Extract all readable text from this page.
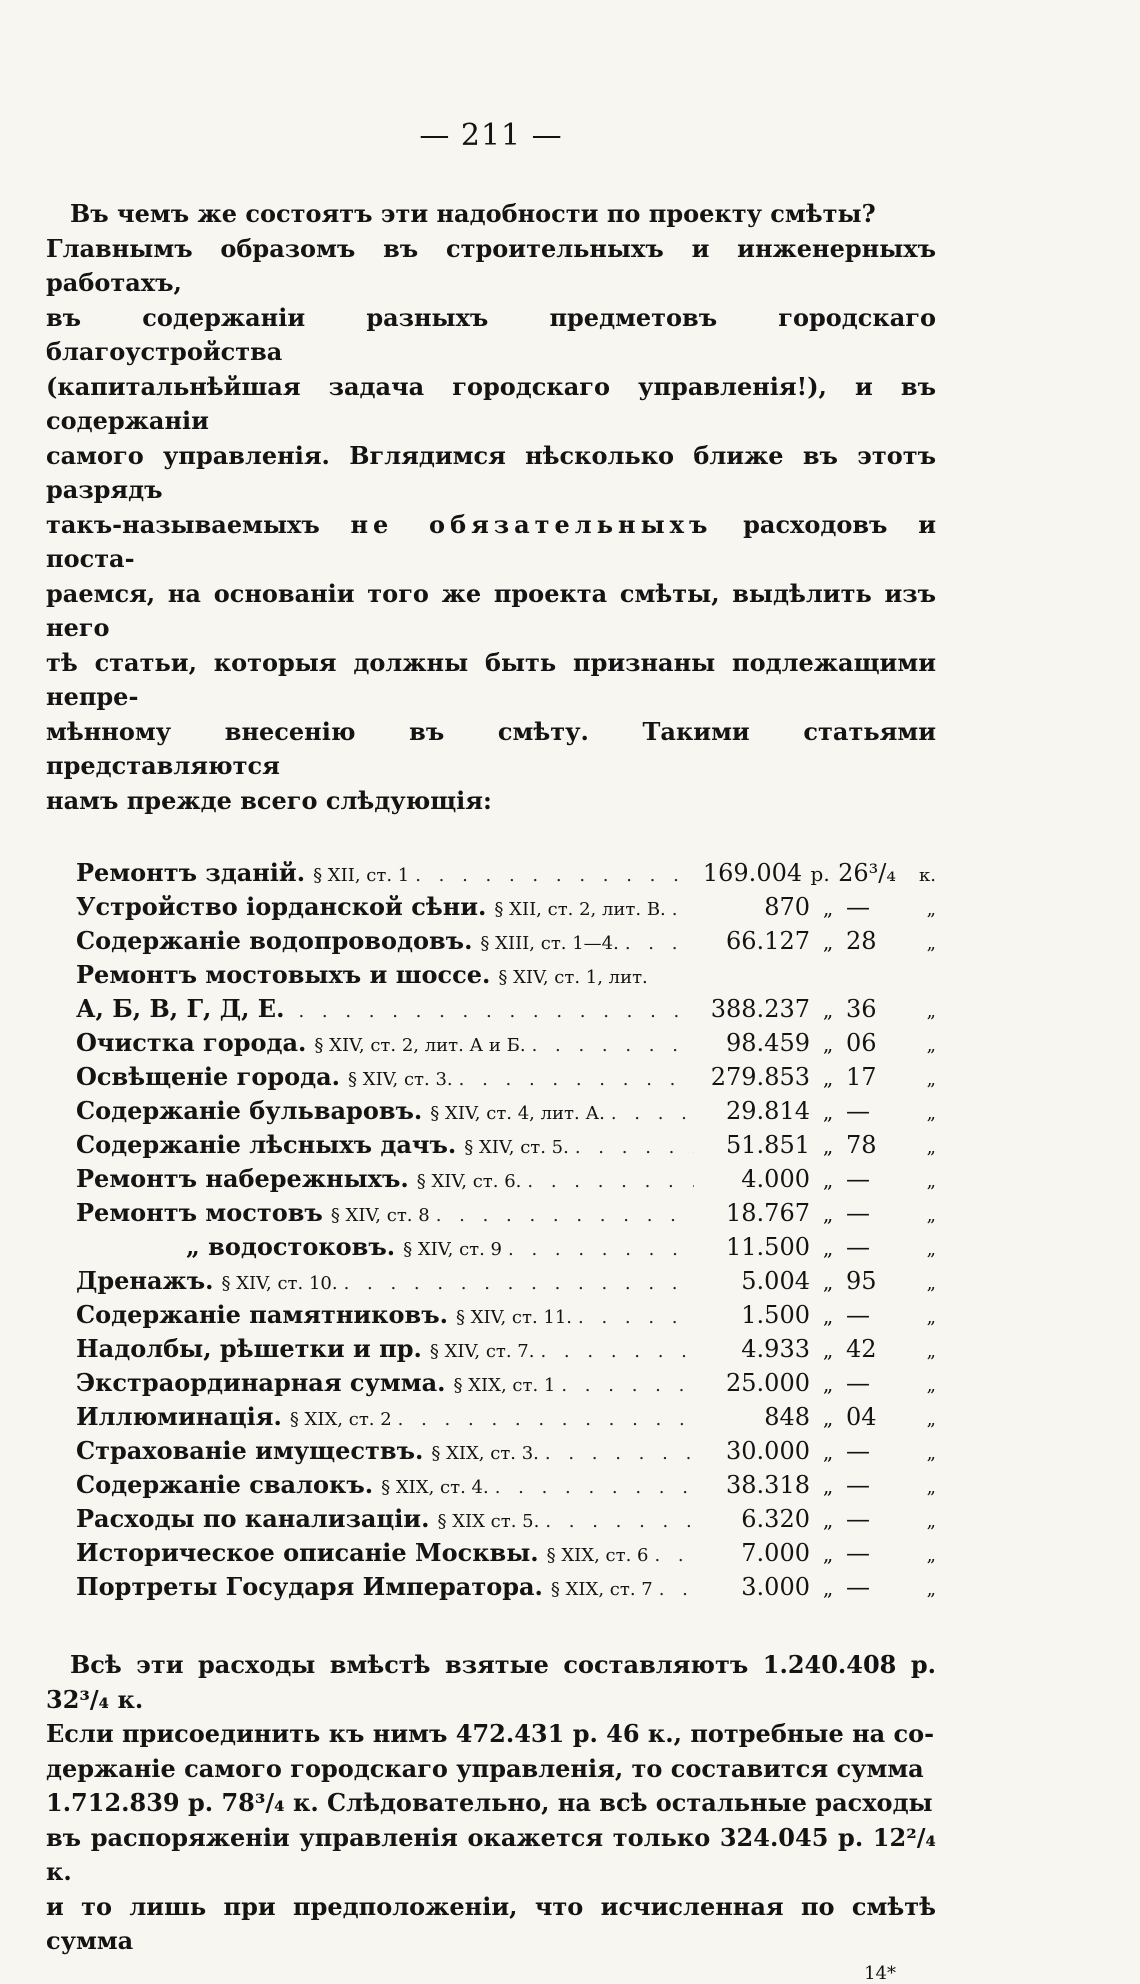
— 211 —
Въ чемъ же состоятъ эти надобности по проекту смѣты?
Главнымъ образомъ въ строительныхъ и инженерныхъ работахъ,
въ содержаніи разныхъ предметовъ городскаго благоустройства
(капитальнѣйшая задача городскаго управленія!), и въ содержаніи
самого управленія. Вглядимся нѣсколько ближе въ этотъ разрядъ
такъ-называемыхъ не обязательныхъ расходовъ и поста-
раемся, на основаніи того же проекта смѣты, выдѣлить изъ него
тѣ статьи, которыя должны быть признаны подлежащими непре-
мѣнному внесенію въ смѣту. Такими статьями представляются
намъ прежде всего слѣдующія:
Ремонтъ зданій. § XII, ст. 1 . . .	169.004 р. 26³/₄	к.
Устройство іорданской сѣни. § XII, ст. 2, лит. В. . . .	870 „ —	„
Содержаніе водопроводовъ. § XIII, ст. 1—4. . . .	66.127 „ 28	„
Ремонтъ мостовыхъ и шоссе. § XIV, ст. 1, лит.
А, Б, В, Г, Д, Е. . . .	388.237 „ 36	„
Очистка города. § XIV, ст. 2, лит. А и Б. . . .	98.459 „ 06	„
Освѣщеніе города. § XIV, ст. 3. . . .	279.853 „ 17	„
Содержаніе бульваровъ. § XIV, ст. 4, лит. А. . . .	29.814 „ —	„
Содержаніе лѣсныхъ дачъ. § XIV, ст. 5. . . .	51.851 „ 78	„
Ремонтъ набережныхъ. § XIV, ст. 6. . . .	4.000 „ —	„
Ремонтъ мостовъ § XIV, ст. 8 . . .	18.767 „ —	„
„ водостоковъ. § XIV, ст. 9 . . .	11.500 „ —	„
Дренажъ. § XIV, ст. 10. . . .	5.004 „ 95	„
Содержаніе памятниковъ. § XIV, ст. 11. . . .	1.500 „ —	„
Надолбы, рѣшетки и пр. § XIV, ст. 7. . . .	4.933 „ 42	„
Экстраординарная сумма. § XIX, ст. 1 . . .	25.000 „ —	„
Иллюминація. § XIX, ст. 2 . . .	848 „ 04	„
Страхованіе имуществъ. § XIX, ст. 3. . . .	30.000 „ —	„
Содержаніе свалокъ. § XIX, ст. 4. . . .	38.318 „ —	„
Расходы по канализаціи. § XIX ст. 5. . . .	6.320 „ —	„
Историческое описаніе Москвы. § XIX, ст. 6 . . .	7.000 „ —	„
Портреты Государя Императора. § XIX, ст. 7 . . .	3.000 „ —	„
Всѣ эти расходы вмѣстѣ взятые составляютъ 1.240.408 р. 32³/₄ к.
Если присоединить къ нимъ 472.431 р. 46 к., потребные на со-
держаніе самого городскаго управленія, то составится сумма
1.712.839 р. 78³/₄ к. Слѣдовательно, на всѣ остальные расходы
въ распоряженіи управленія окажется только 324.045 р. 12²/₄ к.
и то лишь при предположеніи, что исчисленная по смѣтѣ сумма
14*
